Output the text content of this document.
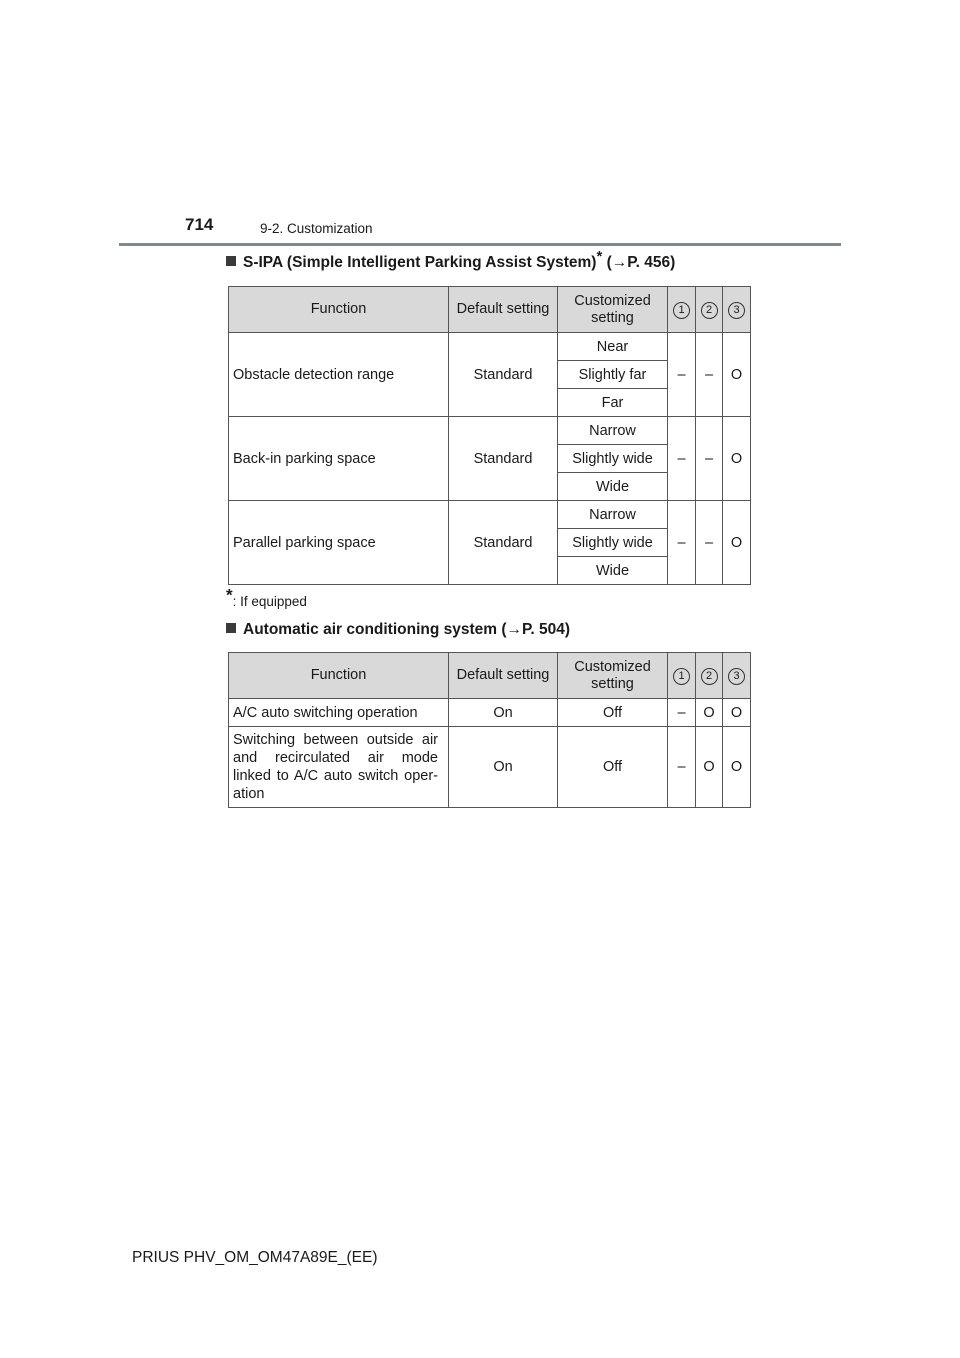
714	9-2. Customization
S-IPA (Simple Intelligent Parking Assist System)* (→P. 456)
Function	Default setting	Customized setting	1	2	3
Obstacle detection range	Standard	Near	–	–	O
		Slightly far			
		Far			
Back-in parking space	Standard	Narrow	–	–	O
		Slightly wide			
		Wide			
Parallel parking space	Standard	Narrow	–	–	O
		Slightly wide			
		Wide			
*: If equipped
Automatic air conditioning system (→P. 504)
Function	Default setting	Customized setting	1	2	3
A/C auto switching operation	On	Off	–	O	O
Switching between outside air and recirculated air mode linked to A/C auto switch oper-ation	On	Off	–	O	O
PRIUS PHV_OM_OM47A89E_(EE)
